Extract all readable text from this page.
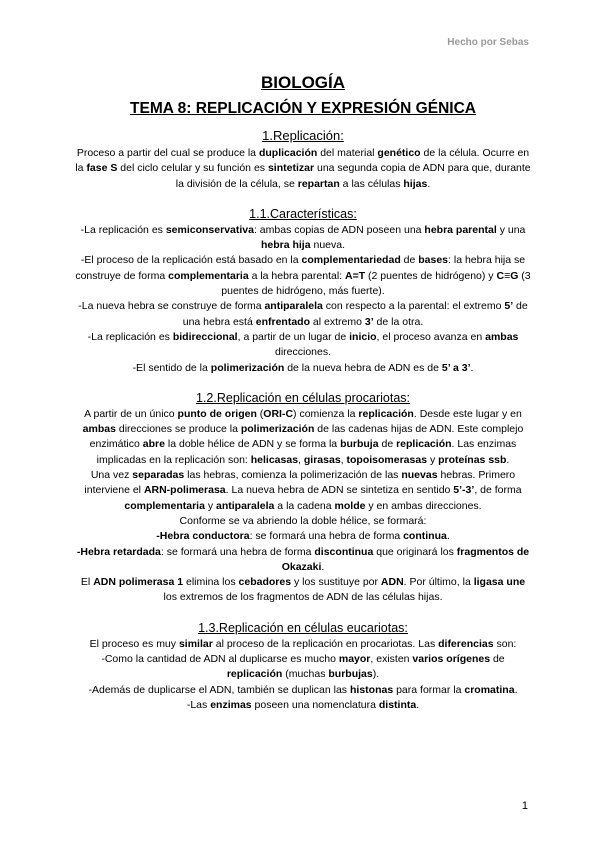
Hecho por Sebas
BIOLOGÍA
TEMA 8: REPLICACIÓN Y EXPRESIÓN GÉNICA
1.Replicación:

Proceso a partir del cual se produce la duplicación del material genético de la célula. Ocurre en la fase S del ciclo celular y su función es sintetizar una segunda copia de ADN para que, durante la división de la célula, se repartan a las células hijas.

1.1.Características:

-La replicación es semiconservativa: ambas copias de ADN poseen una hebra parental y una hebra hija nueva.

-El proceso de la replicación está basado en la complementariedad de bases: la hebra hija se construye de forma complementaria a la hebra parental: A=T (2 puentes de hidrógeno) y C≡G (3 puentes de hidrógeno, más fuerte).

-La nueva hebra se construye de forma antiparalela con respecto a la parental: el extremo 5’ de una hebra está enfrentado al extremo 3’ de la otra.

-La replicación es bidireccional, a partir de un lugar de inicio, el proceso avanza en ambas direcciones.

-El sentido de la polimerización de la nueva hebra de ADN es de 5’ a 3’.

1.2.Replicación en células procariotas:

A partir de un único punto de origen (ORI-C) comienza la replicación. Desde este lugar y en ambas direcciones se produce la polimerización de las cadenas hijas de ADN. Este complejo enzimático abre la doble hélice de ADN y se forma la burbuja de replicación. Las enzimas implicadas en la replicación son: helicasas, girasas, topoisomerasas y proteínas ssb.

Una vez separadas las hebras, comienza la polimerización de las nuevas hebras. Primero interviene el ARN-polimerasa. La nueva hebra de ADN se sintetiza en sentido 5’-3’, de forma complementaria y antiparalela a la cadena molde y en ambas direcciones.

Conforme se va abriendo la doble hélice, se formará:

-Hebra conductora: se formará una hebra de forma continua.

-Hebra retardada: se formará una hebra de forma discontinua que originará los fragmentos de Okazaki.

El ADN polimerasa 1 elimina los cebadores y los sustituye por ADN. Por último, la ligasa une los extremos de los fragmentos de ADN de las células hijas.

1.3.Replicación en células eucariotas:

El proceso es muy similar al proceso de la replicación en procariotas. Las diferencias son:

-Como la cantidad de ADN al duplicarse es mucho mayor, existen varios orígenes de replicación (muchas burbujas).

-Además de duplicarse el ADN, también se duplican las histonas para formar la cromatina.

-Las enzimas poseen una nomenclatura distinta.

1
